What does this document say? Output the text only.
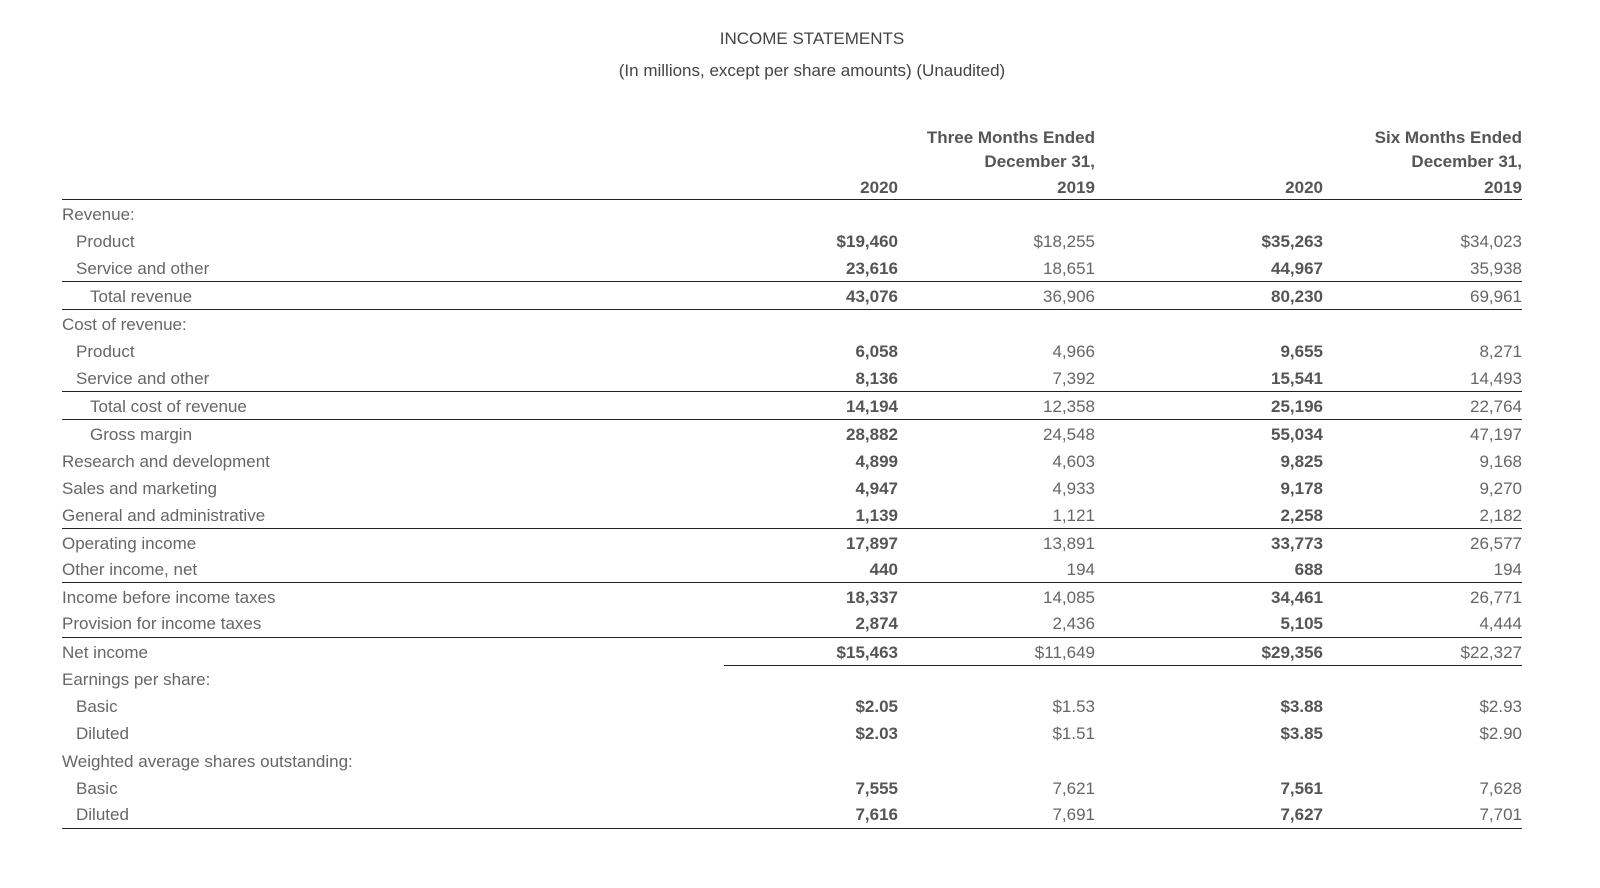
INCOME STATEMENTS
(In millions, except per share amounts) (Unaudited)
Three Months Ended
December 31,
Six Months Ended
December 31,
2020	2019	2020	2019
Revenue:
Product	$19,460	$18,255	$35,263	$34,023
Service and other	23,616	18,651	44,967	35,938
Total revenue	43,076	36,906	80,230	69,961
Cost of revenue:
Product	6,058	4,966	9,655	8,271
Service and other	8,136	7,392	15,541	14,493
Total cost of revenue	14,194	12,358	25,196	22,764
Gross margin	28,882	24,548	55,034	47,197
Research and development	4,899	4,603	9,825	9,168
Sales and marketing	4,947	4,933	9,178	9,270
General and administrative	1,139	1,121	2,258	2,182
Operating income	17,897	13,891	33,773	26,577
Other income, net	440	194	688	194
Income before income taxes	18,337	14,085	34,461	26,771
Provision for income taxes	2,874	2,436	5,105	4,444
Net income	$15,463	$11,649	$29,356	$22,327
Earnings per share:
Basic	$2.05	$1.53	$3.88	$2.93
Diluted	$2.03	$1.51	$3.85	$2.90
Weighted average shares outstanding:
Basic	7,555	7,621	7,561	7,628
Diluted	7,616	7,691	7,627	7,701
